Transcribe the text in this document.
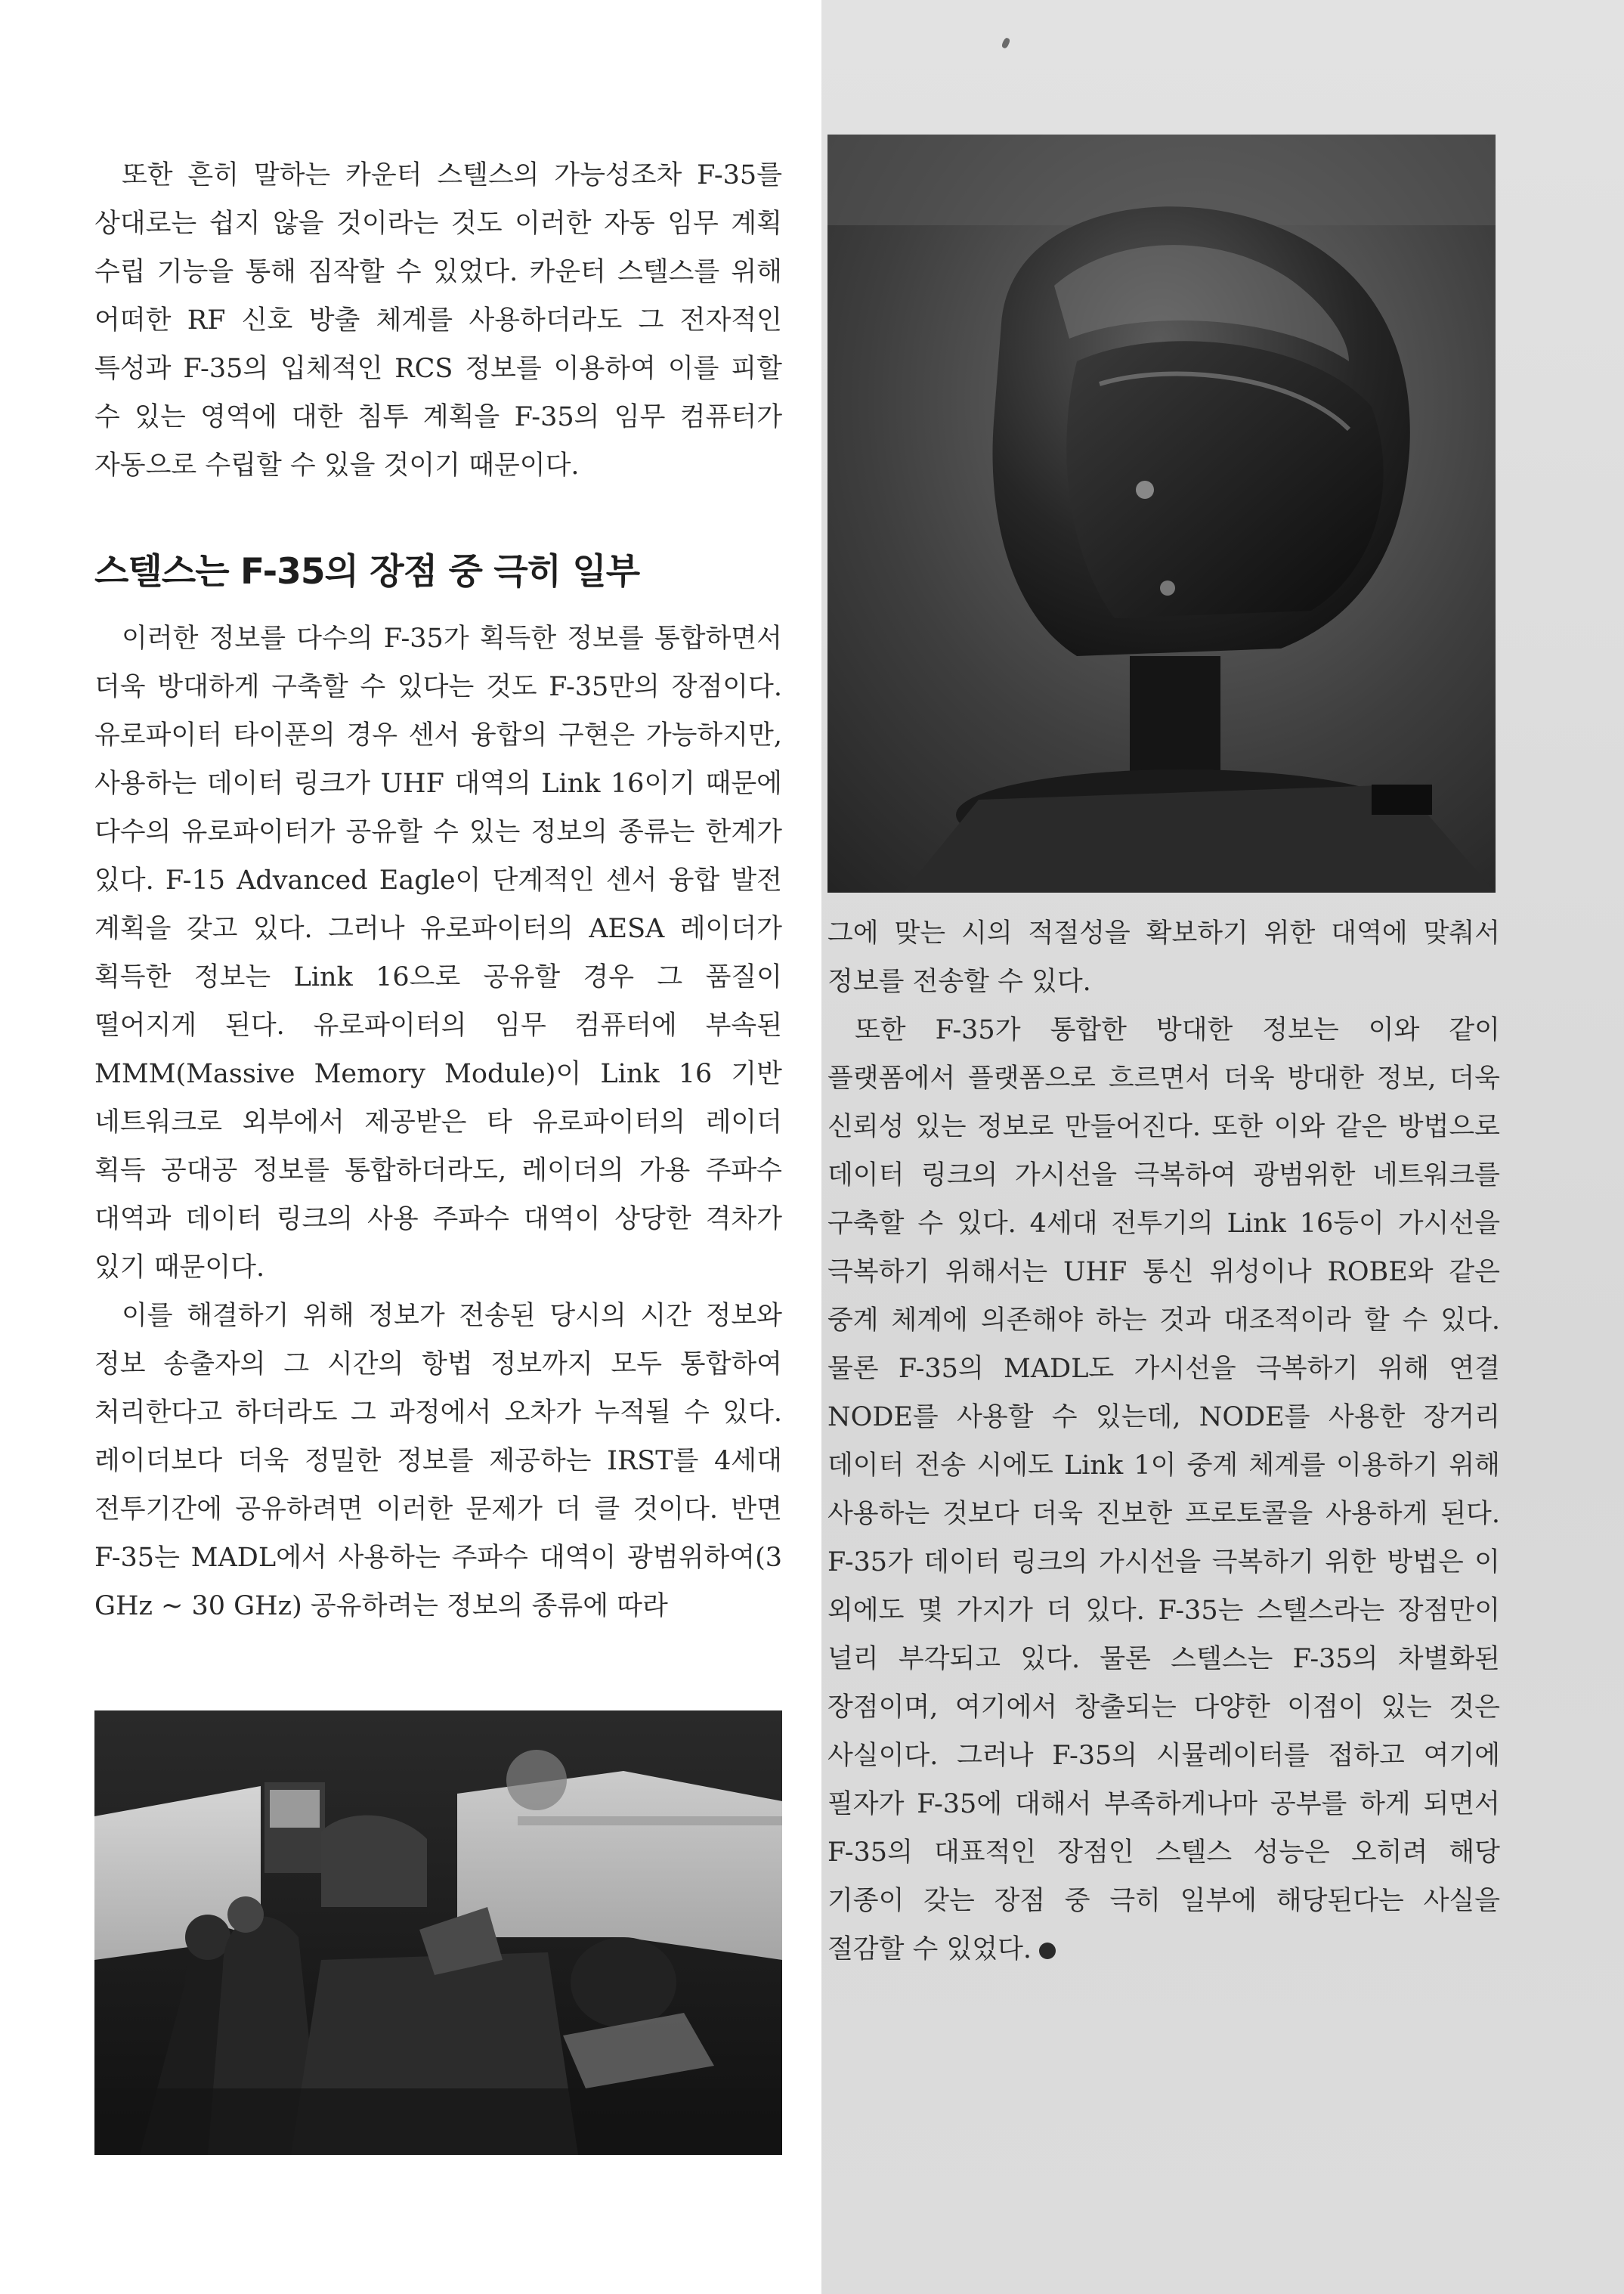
또한 흔히 말하는 카운터 스텔스의 가능성조차 F-35를 상대로는 쉽지 않을 것이라는 것도 이러한 자동 임무 계획 수립 기능을 통해 짐작할 수 있었다. 카운터 스텔스를 위해 어떠한 RF 신호 방출 체계를 사용하더라도 그 전자적인 특성과 F-35의 입체적인 RCS 정보를 이용하여 이를 피할 수 있는 영역에 대한 침투 계획을 F-35의 임무 컴퓨터가 자동으로 수립할 수 있을 것이기 때문이다.

스텔스는 F-35의 장점 중 극히 일부

이러한 정보를 다수의 F-35가 획득한 정보를 통합하면서 더욱 방대하게 구축할 수 있다는 것도 F-35만의 장점이다. 유로파이터 타이푼의 경우 센서 융합의 구현은 가능하지만, 사용하는 데이터 링크가 UHF 대역의 Link 16이기 때문에 다수의 유로파이터가 공유할 수 있는 정보의 종류는 한계가 있다. F-15 Advanced Eagle이 단계적인 센서 융합 발전 계획을 갖고 있다. 그러나 유로파이터의 AESA 레이더가 획득한 정보는 Link 16으로 공유할 경우 그 품질이 떨어지게 된다. 유로파이터의 임무 컴퓨터에 부속된 MMM(Massive Memory Module)이 Link 16 기반 네트워크로 외부에서 제공받은 타 유로파이터의 레이더 획득 공대공 정보를 통합하더라도, 레이더의 가용 주파수 대역과 데이터 링크의 사용 주파수 대역이 상당한 격차가 있기 때문이다.

이를 해결하기 위해 정보가 전송된 당시의 시간 정보와 정보 송출자의 그 시간의 항법 정보까지 모두 통합하여 처리한다고 하더라도 그 과정에서 오차가 누적될 수 있다. 레이더보다 더욱 정밀한 정보를 제공하는 IRST를 4세대 전투기간에 공유하려면 이러한 문제가 더 클 것이다. 반면 F-35는 MADL에서 사용하는 주파수 대역이 광범위하여(3 GHz ~ 30 GHz) 공유하려는 정보의 종류에 따라

그에 맞는 시의 적절성을 확보하기 위한 대역에 맞춰서 정보를 전송할 수 있다.

또한 F-35가 통합한 방대한 정보는 이와 같이 플랫폼에서 플랫폼으로 흐르면서 더욱 방대한 정보, 더욱 신뢰성 있는 정보로 만들어진다. 또한 이와 같은 방법으로 데이터 링크의 가시선을 극복하여 광범위한 네트워크를 구축할 수 있다. 4세대 전투기의 Link 16등이 가시선을 극복하기 위해서는 UHF 통신 위성이나 ROBE와 같은 중계 체계에 의존해야 하는 것과 대조적이라 할 수 있다. 물론 F-35의 MADL도 가시선을 극복하기 위해 연결 NODE를 사용할 수 있는데, NODE를 사용한 장거리 데이터 전송 시에도 Link 1이 중계 체계를 이용하기 위해 사용하는 것보다 더욱 진보한 프로토콜을 사용하게 된다. F-35가 데이터 링크의 가시선을 극복하기 위한 방법은 이 외에도 몇 가지가 더 있다. F-35는 스텔스라는 장점만이 널리 부각되고 있다. 물론 스텔스는 F-35의 차별화된 장점이며, 여기에서 창출되는 다양한 이점이 있는 것은 사실이다. 그러나 F-35의 시뮬레이터를 접하고 여기에 필자가 F-35에 대해서 부족하게나마 공부를 하게 되면서 F-35의 대표적인 장점인 스텔스 성능은 오히려 해당 기종이 갖는 장점 중 극히 일부에 해당된다는 사실을 절감할 수 있었다.
